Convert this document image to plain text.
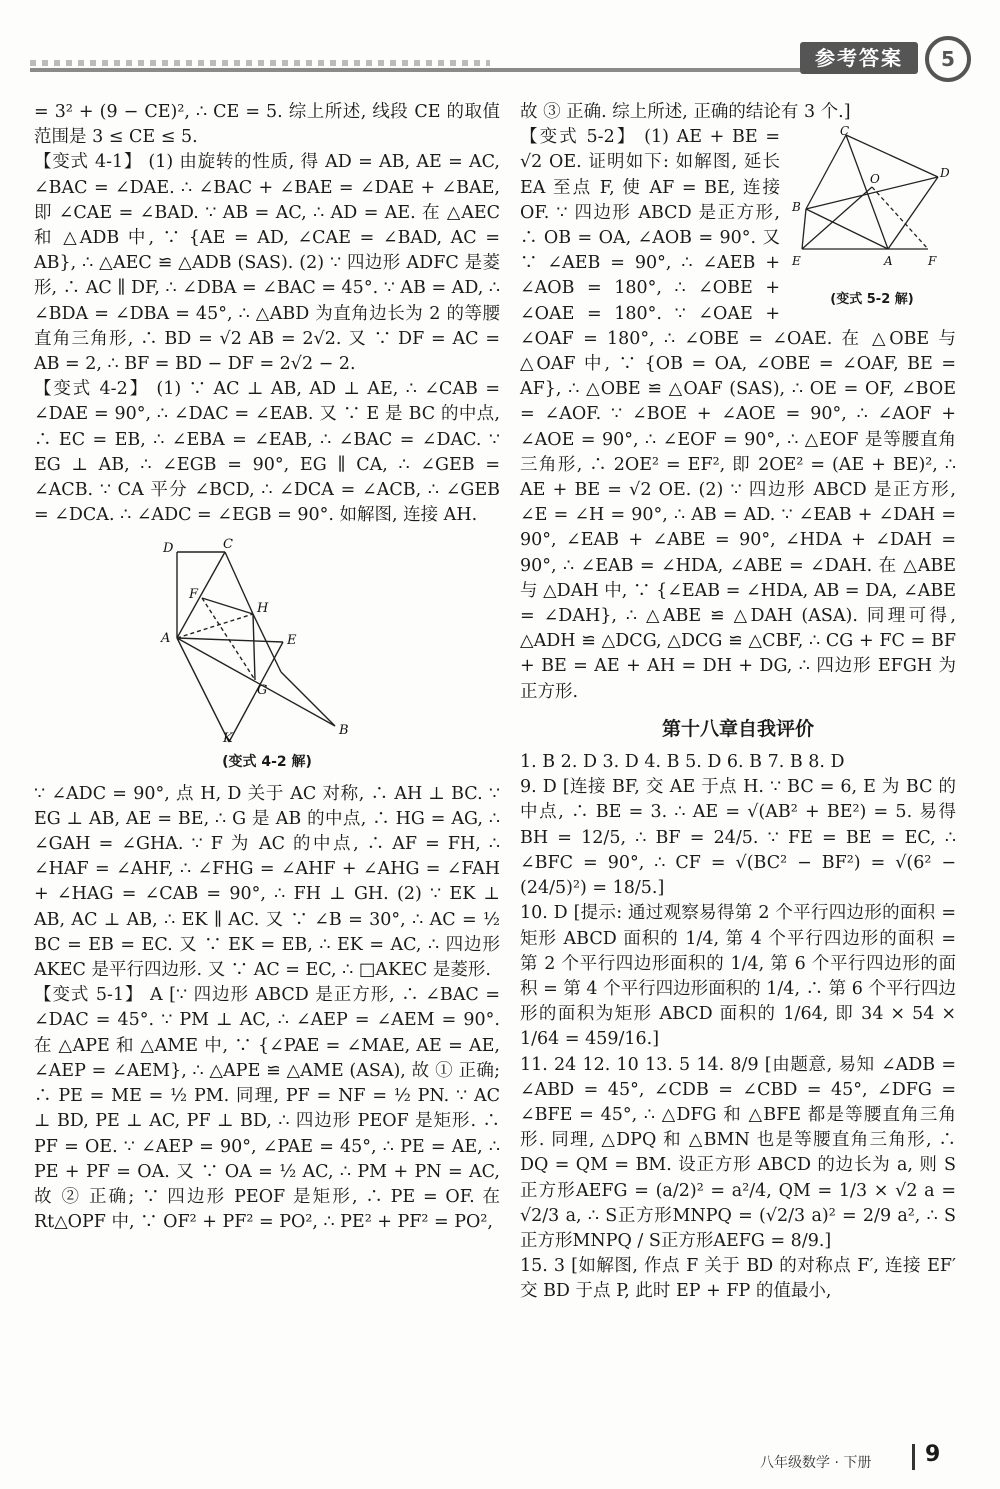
参考答案	5

= 3² + (9 − CE)², ∴ CE = 5. 综上所述, 线段 CE 的取值范围是 3 ≤ CE ≤ 5.

【变式 4-1】 (1) 由旋转的性质, 得 AD = AB, AE = AC, ∠BAC = ∠DAE. ∴ ∠BAC + ∠BAE = ∠DAE + ∠BAE, 即 ∠CAE = ∠BAD. ∵ AB = AC, ∴ AD = AE. 在 △AEC 和 △ADB 中, ∵ {AE = AD, ∠CAE = ∠BAD, AC = AB}, ∴ △AEC ≌ △ADB (SAS). (2) ∵ 四边形 ADFC 是菱形, ∴ AC ∥ DF, ∴ ∠DBA = ∠BAC = 45°. ∵ AB = AD, ∴ ∠BDA = ∠DBA = 45°, ∴ △ABD 为直角边长为 2 的等腰直角三角形, ∴ BD = √2 AB = 2√2. 又 ∵ DF = AC = AB = 2, ∴ BF = BD − DF = 2√2 − 2.

【变式 4-2】 (1) ∵ AC ⊥ AB, AD ⊥ AE, ∴ ∠CAB = ∠DAE = 90°, ∴ ∠DAC = ∠EAB. 又 ∵ E 是 BC 的中点, ∴ EC = EB, ∴ ∠EBA = ∠EAB, ∴ ∠BAC = ∠DAC. ∵ EG ⊥ AB, ∴ ∠EGB = 90°, EG ∥ CA, ∴ ∠GEB = ∠ACB. ∵ CA 平分 ∠BCD, ∴ ∠DCA = ∠ACB, ∴ ∠GEB = ∠DCA. ∴ ∠ADC = ∠EGB = 90°. 如解图, 连接 AH.

D	C
F
H
A	E
G
K
B
(变式 4-2 解)

∵ ∠ADC = 90°, 点 H, D 关于 AC 对称, ∴ AH ⊥ BC. ∵ EG ⊥ AB, AE = BE, ∴ G 是 AB 的中点, ∴ HG = AG, ∴ ∠GAH = ∠GHA. ∵ F 为 AC 的中点, ∴ AF = FH, ∴ ∠HAF = ∠AHF, ∴ ∠FHG = ∠AHF + ∠AHG = ∠FAH + ∠HAG = ∠CAB = 90°, ∴ FH ⊥ GH. (2) ∵ EK ⊥ AB, AC ⊥ AB, ∴ EK ∥ AC. 又 ∵ ∠B = 30°, ∴ AC = ½ BC = EB = EC. 又 ∵ EK = EB, ∴ EK = AC, ∴ 四边形 AKEC 是平行四边形. 又 ∵ AC = EC, ∴ □AKEC 是菱形.

【变式 5-1】 A [∵ 四边形 ABCD 是正方形, ∴ ∠BAC = ∠DAC = 45°. ∵ PM ⊥ AC, ∴ ∠AEP = ∠AEM = 90°. 在 △APE 和 △AME 中, ∵ {∠PAE = ∠MAE, AE = AE, ∠AEP = ∠AEM}, ∴ △APE ≌ △AME (ASA), 故 ① 正确; ∴ PE = ME = ½ PM. 同理, PF = NF = ½ PN. ∵ AC ⊥ BD, PE ⊥ AC, PF ⊥ BD, ∴ 四边形 PEOF 是矩形. ∴ PF = OE. ∵ ∠AEP = 90°, ∠PAE = 45°, ∴ PE = AE, ∴ PE + PF = OA. 又 ∵ OA = ½ AC, ∴ PM + PN = AC, 故 ② 正确; ∵ 四边形 PEOF 是矩形, ∴ PE = OF. 在 Rt△OPF 中, ∵ OF² + PF² = PO², ∴ PE² + PF² = PO²,

故 ③ 正确. 综上所述, 正确的结论有 3 个.]

C
D
O
B
E	A	F
(变式 5-2 解)

【变式 5-2】 (1) AE + BE = √2 OE. 证明如下: 如解图, 延长 EA 至点 F, 使 AF = BE, 连接 OF. ∵ 四边形 ABCD 是正方形, ∴ OB = OA, ∠AOB = 90°. 又 ∵ ∠AEB = 90°, ∴ ∠AEB + ∠AOB = 180°, ∴ ∠OBE + ∠OAE = 180°. ∵ ∠OAE + ∠OAF = 180°, ∴ ∠OBE = ∠OAE. 在 △OBE 与 △OAF 中, ∵ {OB = OA, ∠OBE = ∠OAF, BE = AF}, ∴ △OBE ≌ △OAF (SAS), ∴ OE = OF, ∠BOE = ∠AOF. ∵ ∠BOE + ∠AOE = 90°, ∴ ∠AOF + ∠AOE = 90°, ∴ ∠EOF = 90°, ∴ △EOF 是等腰直角三角形, ∴ 2OE² = EF², 即 2OE² = (AE + BE)², ∴ AE + BE = √2 OE. (2) ∵ 四边形 ABCD 是正方形, ∠E = ∠H = 90°, ∴ AB = AD. ∵ ∠EAB + ∠DAH = 90°, ∠EAB + ∠ABE = 90°, ∠HDA + ∠DAH = 90°, ∴ ∠EAB = ∠HDA, ∠ABE = ∠DAH. 在 △ABE 与 △DAH 中, ∵ {∠EAB = ∠HDA, AB = DA, ∠ABE = ∠DAH}, ∴ △ABE ≌ △DAH (ASA). 同理可得, △ADH ≌ △DCG, △DCG ≌ △CBF, ∴ CG + FC = BF + BE = AE + AH = DH + DG, ∴ 四边形 EFGH 为正方形.

第十八章自我评价

1. B 2. D 3. D 4. B 5. D 6. B 7. B 8. D

9. D [连接 BF, 交 AE 于点 H. ∵ BC = 6, E 为 BC 的中点, ∴ BE = 3. ∴ AE = √(AB² + BE²) = 5. 易得 BH = 12/5, ∴ BF = 24/5. ∵ FE = BE = EC, ∴ ∠BFC = 90°, ∴ CF = √(BC² − BF²) = √(6² − (24/5)²) = 18/5.]

10. D [提示: 通过观察易得第 2 个平行四边形的面积 = 矩形 ABCD 面积的 1/4, 第 4 个平行四边形的面积 = 第 2 个平行四边形面积的 1/4, 第 6 个平行四边形的面积 = 第 4 个平行四边形面积的 1/4, ∴ 第 6 个平行四边形的面积为矩形 ABCD 面积的 1/64, 即 34 × 54 × 1/64 = 459/16.]

11. 24 12. 10 13. 5 14. 8/9 [由题意, 易知 ∠ADB = ∠ABD = 45°, ∠CDB = ∠CBD = 45°, ∠DFG = ∠BFE = 45°, ∴ △DFG 和 △BFE 都是等腰直角三角形. 同理, △DPQ 和 △BMN 也是等腰直角三角形, ∴ DQ = QM = BM. 设正方形 ABCD 的边长为 a, 则 S正方形AEFG = (a/2)² = a²/4, QM = 1/3 × √2 a = √2/3 a, ∴ S正方形MNPQ = (√2/3 a)² = 2/9 a², ∴ S正方形MNPQ / S正方形AEFG = 8/9.]

15. 3 [如解图, 作点 F 关于 BD 的对称点 F′, 连接 EF′ 交 BD 于点 P, 此时 EP + FP 的值最小,

八年级数学 · 下册 9
